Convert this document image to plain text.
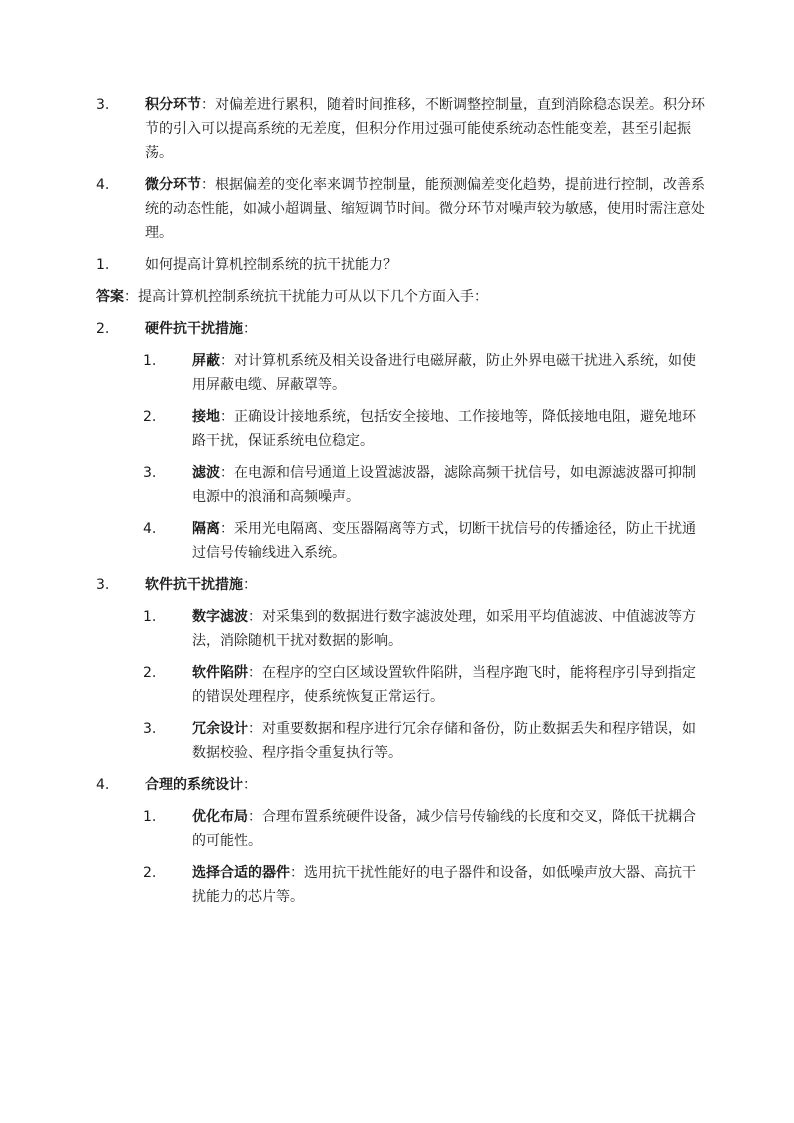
3.	积分环节：对偏差进行累积，随着时间推移，不断调整控制量，直到消除稳态误差。积分环节的引入可以提高系统的无差度，但积分作用过强可能使系统动态性能变差，甚至引起振荡。
4.	微分环节：根据偏差的变化率来调节控制量，能预测偏差变化趋势，提前进行控制，改善系统的动态性能，如减小超调量、缩短调节时间。微分环节对噪声较为敏感，使用时需注意处理。
1.	如何提高计算机控制系统的抗干扰能力？
答案：提高计算机控制系统抗干扰能力可从以下几个方面入手：
2.	硬件抗干扰措施：
1.	屏蔽：对计算机系统及相关设备进行电磁屏蔽，防止外界电磁干扰进入系统，如使用屏蔽电缆、屏蔽罩等。
2.	接地：正确设计接地系统，包括安全接地、工作接地等，降低接地电阻，避免地环路干扰，保证系统电位稳定。
3.	滤波：在电源和信号通道上设置滤波器，滤除高频干扰信号，如电源滤波器可抑制电源中的浪涌和高频噪声。
4.	隔离：采用光电隔离、变压器隔离等方式，切断干扰信号的传播途径，防止干扰通过信号传输线进入系统。
3.	软件抗干扰措施：
1.	数字滤波：对采集到的数据进行数字滤波处理，如采用平均值滤波、中值滤波等方法，消除随机干扰对数据的影响。
2.	软件陷阱：在程序的空白区域设置软件陷阱，当程序跑飞时，能将程序引导到指定的错误处理程序，使系统恢复正常运行。
3.	冗余设计：对重要数据和程序进行冗余存储和备份，防止数据丢失和程序错误，如数据校验、程序指令重复执行等。
4.	合理的系统设计：
1.	优化布局：合理布置系统硬件设备，减少信号传输线的长度和交叉，降低干扰耦合的可能性。
2.	选择合适的器件：选用抗干扰性能好的电子器件和设备，如低噪声放大器、高抗干扰能力的芯片等。
